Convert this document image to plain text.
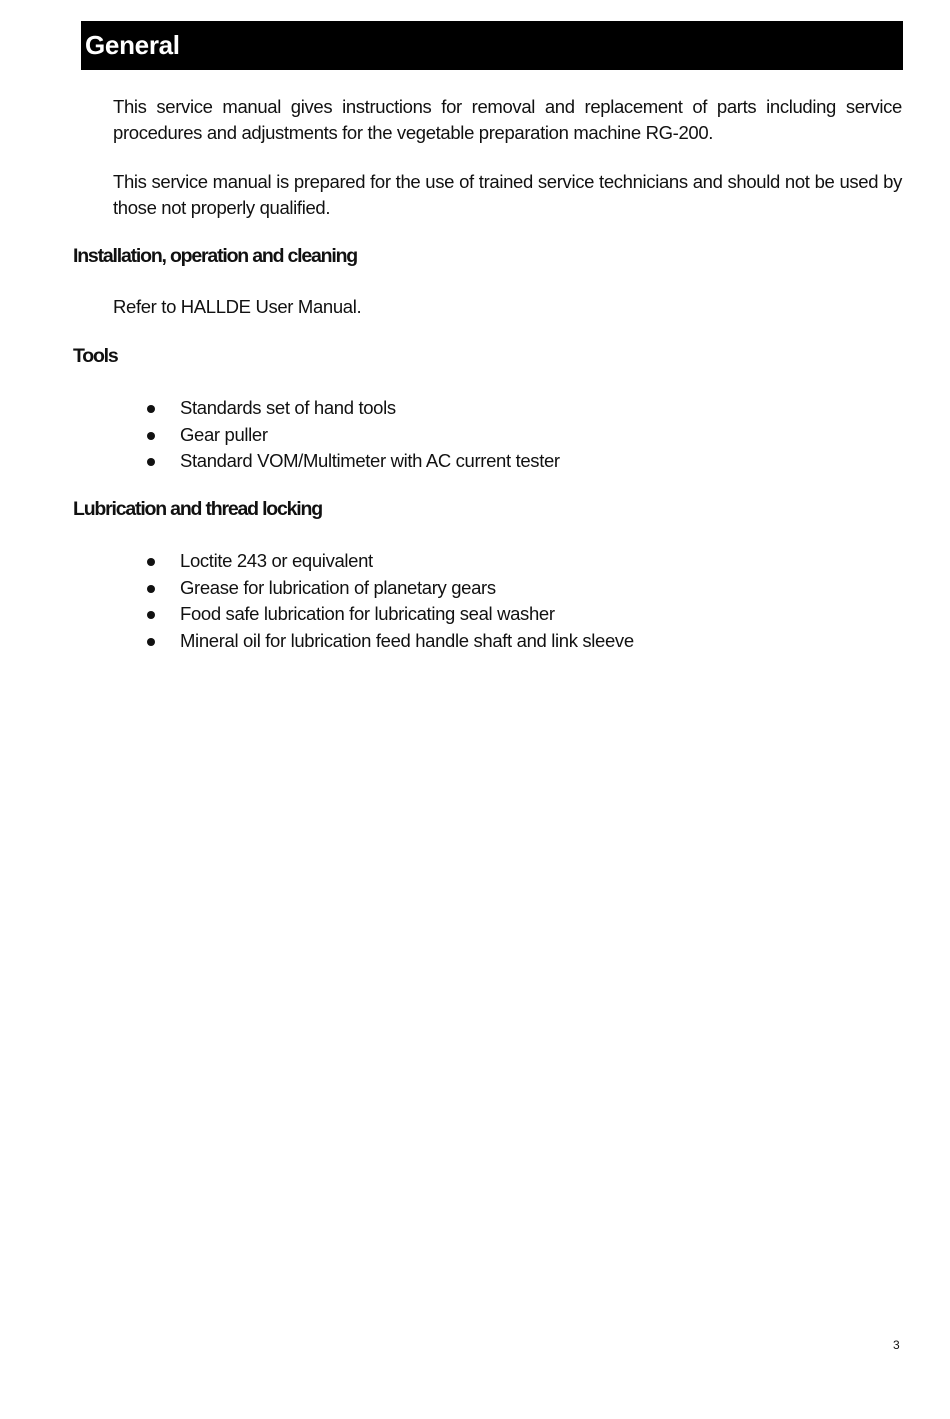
General

This service manual gives instructions for removal and replacement of parts including service procedures and adjustments for the vegetable preparation machine RG-200.

This service manual is prepared for the use of trained service technicians and should not be used by those not properly qualified.

Installation, operation and cleaning

Refer to HALLDE User Manual.

Tools
Standards set of hand tools
Gear puller
Standard VOM/Multimeter with AC current tester
Lubrication and thread locking
Loctite 243 or equivalent
Grease for lubrication of planetary gears
Food safe lubrication for lubricating seal washer
Mineral oil for lubrication feed handle shaft and link sleeve
3
